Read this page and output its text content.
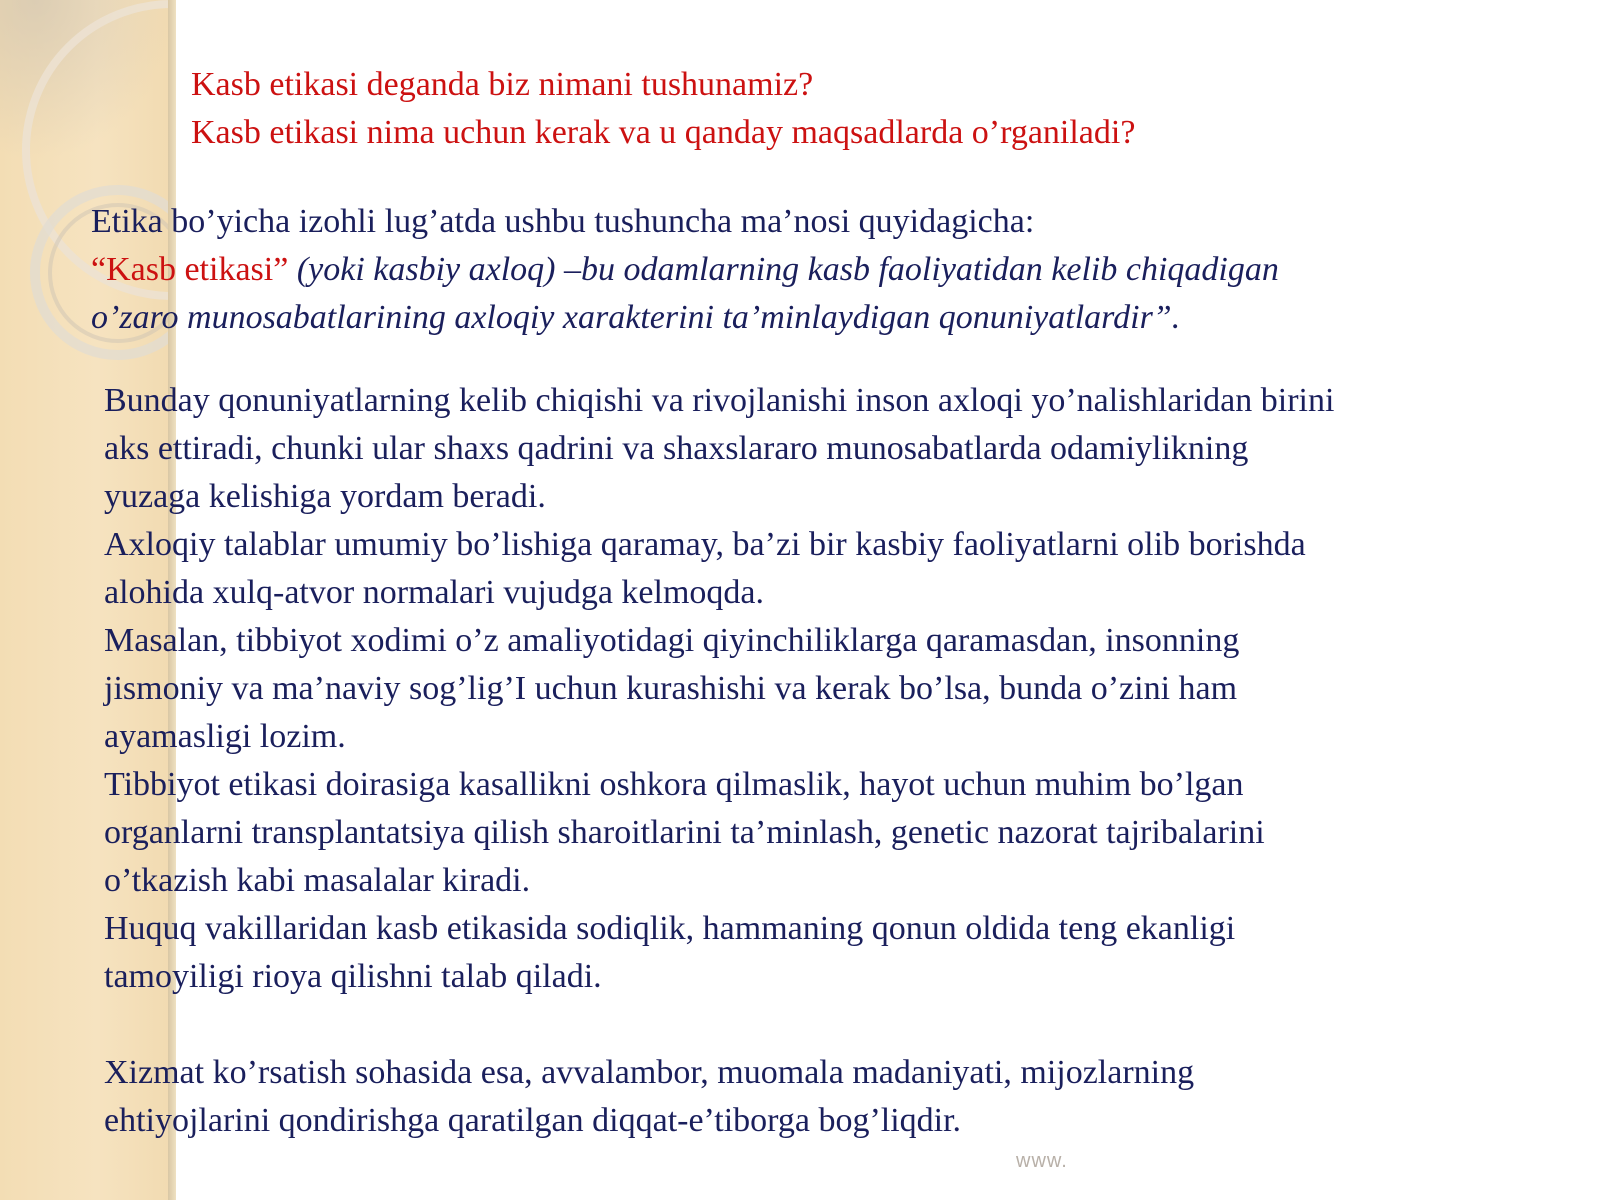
Kasb etikasi deganda biz nimani tushunamiz?
Kasb etikasi nima uchun kerak va u qanday maqsadlarda o’rganiladi?

Etika bo’yicha izohli lug’atda ushbu tushuncha ma’nosi quyidagicha:

“Kasb etikasi” (yoki kasbiy axloq) –bu odamlarning kasb faoliyatidan kelib chiqadigan

o’zaro munosabatlarining axloqiy xarakterini ta’minlaydigan qonuniyatlardir”.

Bunday qonuniyatlarning kelib chiqishi va rivojlanishi inson axloqi yo’nalishlaridan birini

aks ettiradi, chunki ular shaxs qadrini va shaxslararo munosabatlarda odamiylikning

yuzaga kelishiga yordam beradi.

Axloqiy talablar umumiy bo’lishiga qaramay, ba’zi bir kasbiy faoliyatlarni olib borishda

alohida xulq-atvor normalari vujudga kelmoqda.

Masalan, tibbiyot xodimi o’z amaliyotidagi qiyinchiliklarga qaramasdan, insonning

jismoniy va ma’naviy sog’lig’I uchun kurashishi va kerak bo’lsa, bunda o’zini ham

ayamasligi lozim.

Tibbiyot etikasi doirasiga kasallikni oshkora qilmaslik, hayot uchun muhim bo’lgan

organlarni transplantatsiya qilish sharoitlarini ta’minlash, genetic nazorat tajribalarini

o’tkazish kabi masalalar kiradi.

Huquq vakillaridan kasb etikasida sodiqlik, hammaning qonun oldida teng ekanligi

tamoyiligi rioya qilishni talab qiladi.

Xizmat ko’rsatish sohasida esa, avvalambor, muomala madaniyati, mijozlarning

ehtiyojlarini qondirishga qaratilgan diqqat-e’tiborga bog’liqdir.

www.
